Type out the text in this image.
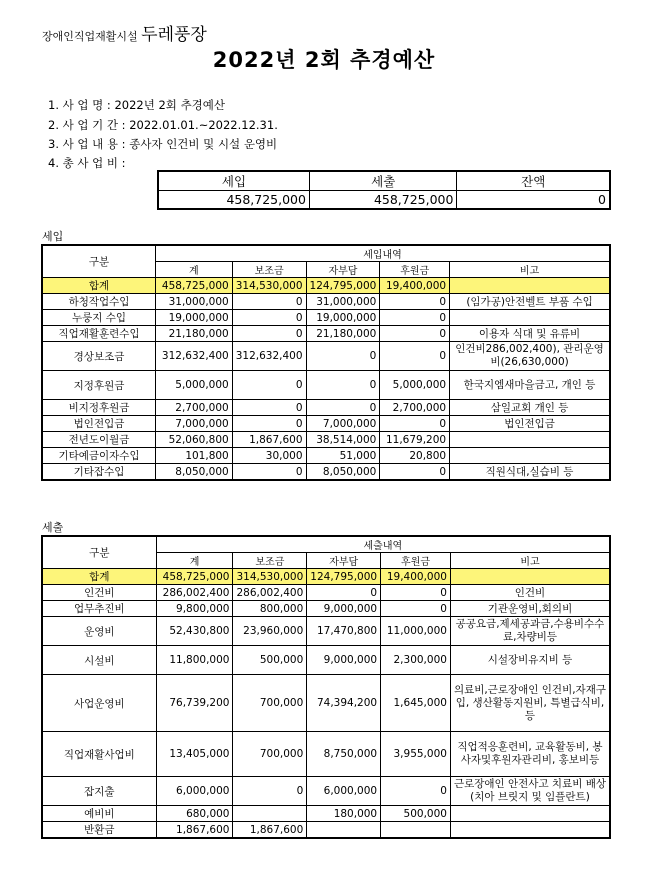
장애인직업재활시설 두레풍장
2022년 2회 추경예산
1. 사 업 명 : 2022년 2회 추경예산
2. 사 업 기 간 : 2022.01.01.~2022.12.31.
3. 사 업 내 용 : 종사자 인건비 및 시설 운영비
4. 총 사 업 비 :
세입	세출	잔액
458,725,000	458,725,000	0
세입
구분	세입내역				
	계	보조금	자부담	후원금	비고
합계	458,725,000	314,530,000	124,795,000	19,400,000	
하청작업수입	31,000,000	0	31,000,000	0	(임가공)안전벨트 부품 수입
누룽지 수입	19,000,000	0	19,000,000	0	
직업재활훈련수입	21,180,000	0	21,180,000	0	이용자 식대 및 유류비
경상보조금	312,632,400	312,632,400	0	0	인건비286,002,400), 관리운영비(26,630,000)
지정후원금	5,000,000	0	0	5,000,000	한국지엠새마을금고, 개인 등
비지정후원금	2,700,000	0	0	2,700,000	삼일교회 개인 등
법인전입금	7,000,000	0	7,000,000	0	법인전입금
전년도이월금	52,060,800	1,867,600	38,514,000	11,679,200	
기타예금이자수입	101,800	30,000	51,000	20,800	
기타잡수입	8,050,000	0	8,050,000	0	직원식대,실습비 등
세출
구분	세출내역				
	계	보조금	자부담	후원금	비고
합계	458,725,000	314,530,000	124,795,000	19,400,000	
인건비	286,002,400	286,002,400	0	0	인건비
업무추진비	9,800,000	800,000	9,000,000	0	기관운영비,회의비
운영비	52,430,800	23,960,000	17,470,800	11,000,000	공공요금,제세공과금,수용비수수료,차량비등
시설비	11,800,000	500,000	9,000,000	2,300,000	시설장비유지비 등
사업운영비	76,739,200	700,000	74,394,200	1,645,000	의료비,근로장애인 인건비,자재구입, 생산활동지원비, 특별급식비,등
직업재활사업비	13,405,000	700,000	8,750,000	3,955,000	직업적응훈련비, 교육활동비, 봉사자및후원자관리비, 홍보비등
잡지출	6,000,000	0	6,000,000	0	근로장애인 안전사고 치료비 배상(치아 브릿지 및 임플란트)
예비비	680,000		180,000	500,000	
반환금	1,867,600	1,867,600			
